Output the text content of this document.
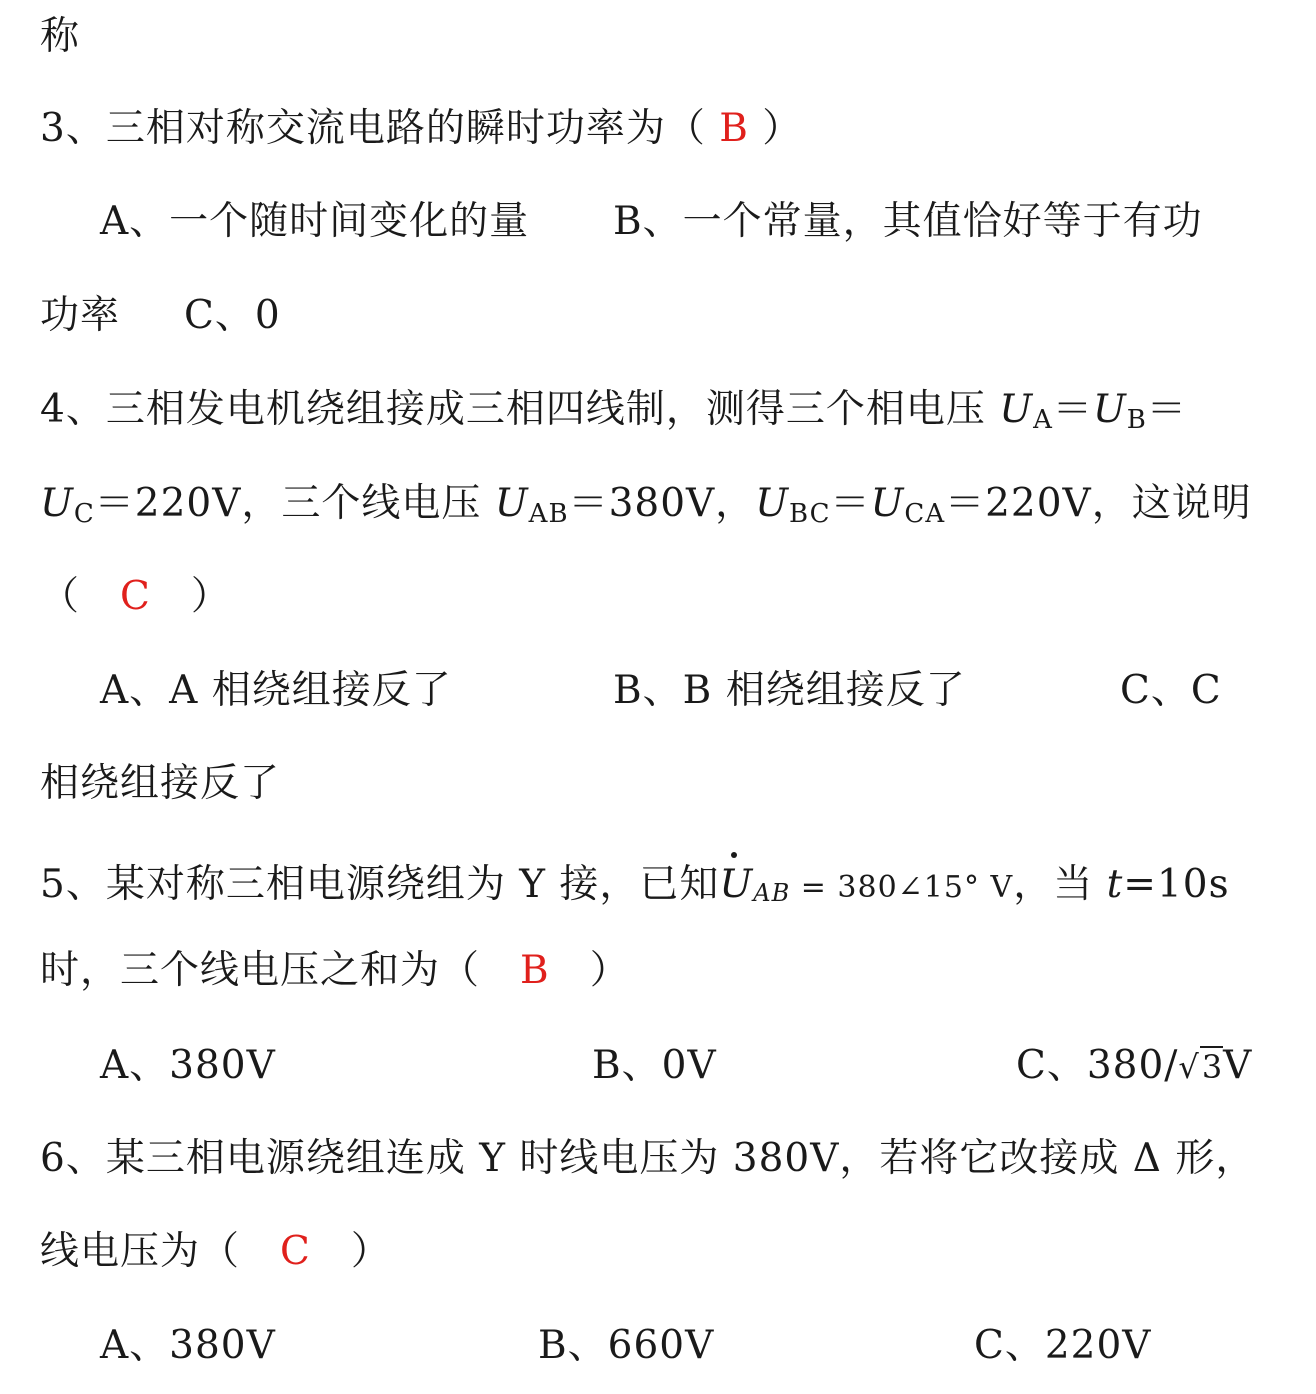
称
3、三相对称交流电路的瞬时功率为（ B ）
A、一个随时间变化的量 B、一个常量，其值恰好等于有功
功率 C、0
4、三相发电机绕组接成三相四线制，测得三个相电压 $U_A=U_B=$
$U_C=220V$，三个线电压 $U_{AB}=380V$，$U_{BC}=U_{CA}=220V$，这说明
（　C　）
A、A 相绕组接反了	B、B 相绕组接反了	C、C
相绕组接反了
5、某对称三相电源绕组为 Y 接，已知UAB = 380∠15° V，当 t=10s
时，三个线电压之和为（　B　）
A、380V	B、0V	C、380/√3V
6、某三相电源绕组连成 Y 时线电压为 380V，若将它改接成 Δ 形，
线电压为（　C　）
A、380V	B、660V	C、220V
